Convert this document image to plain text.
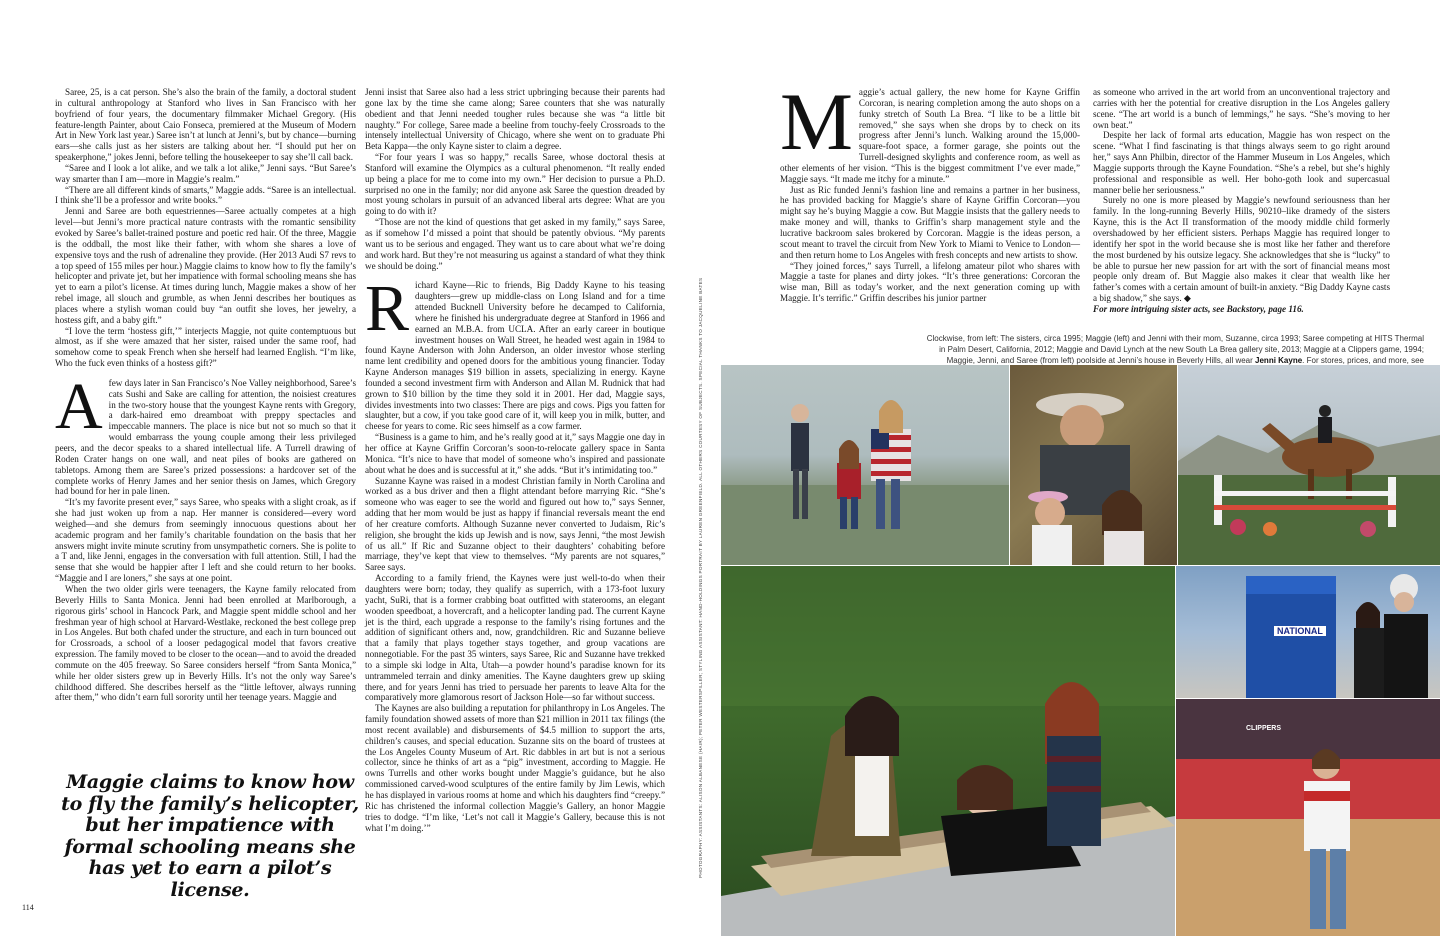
Saree, 25, is a cat person. She’s also the brain of the family, a doctoral student in cultural anthropology at Stanford who lives in San Francisco with her boyfriend of four years, the documentary filmmaker Michael Gregory. (His feature-length Painter, about Caio Fonseca, premiered at the Museum of Modern Art in New York last year.) Saree isn’t at lunch at Jenni’s, but by chance—burning ears—she calls just as her sisters are talking about her. “I should put her on speakerphone,” jokes Jenni, before telling the housekeeper to say she’ll call back.

“Saree and I look a lot alike, and we talk a lot alike,” Jenni says. “But Saree’s way smarter than I am—more in Maggie’s realm.”

“There are all different kinds of smarts,” Maggie adds. “Saree is an intellectual. I think she’ll be a professor and write books.”

Jenni and Saree are both equestriennes—Saree actually competes at a high level—but Jenni’s more practical nature contrasts with the romantic sensibility evoked by Saree’s ballet-trained posture and poetic red hair. Of the three, Maggie is the oddball, the most like their father, with whom she shares a love of expensive toys and the rush of adrenaline they provide. (Her 2013 Audi S7 revs to a top speed of 155 miles per hour.) Maggie claims to know how to fly the family’s helicopter and private jet, but her impatience with formal schooling means she has yet to earn a pilot’s license. At times during lunch, Maggie makes a show of her rebel image, all slouch and grumble, as when Jenni describes her boutiques as places where a stylish woman could buy “an outfit she loves, her jewelry, a hostess gift, and a baby gift.”

“I love the term ‘hostess gift,’” interjects Maggie, not quite contemptuous but almost, as if she were amazed that her sister, raised under the same roof, had somehow come to speak French when she herself had learned English. “I’m like, Who the fuck even thinks of a hostess gift?”

Afew days later in San Francisco’s Noe Valley neighborhood, Saree’s cats Sushi and Sake are calling for attention, the noisiest creatures in the two-story house that the youngest Kayne rents with Gregory, a dark-haired emo dreamboat with preppy spectacles and impeccable manners. The place is nice but not so much so that it would embarrass the young couple among their less privileged peers, and the decor speaks to a shared intellectual life. A Turrell drawing of Roden Crater hangs on one wall, and neat piles of books are gathered on tabletops. Among them are Saree’s prized possessions: a hardcover set of the complete works of Henry James and her senior thesis on James, which Gregory had bound for her in pale linen.

“It’s my favorite present ever,” says Saree, who speaks with a slight croak, as if she had just woken up from a nap. Her manner is considered—every word weighed—and she demurs from seemingly innocuous questions about her academic program and her family’s charitable foundation on the basis that her answers might invite minute scrutiny from unsympathetic corners. She is polite to a T and, like Jenni, engages in the conversation with full attention. Still, I had the sense that she would be happier after I left and she could return to her books. “Maggie and I are loners,” she says at one point.

When the two older girls were teenagers, the Kayne family relocated from Beverly Hills to Santa Monica. Jenni had been enrolled at Marlborough, a rigorous girls’ school in Hancock Park, and Maggie spent middle school and her freshman year of high school at Harvard-Westlake, reckoned the best college prep in Los Angeles. But both chafed under the structure, and each in turn bounced out for Crossroads, a school of a looser pedagogical model that favors creative expression. The family moved to be closer to the ocean—and to avoid the dreaded commute on the 405 freeway. So Saree considers herself “from Santa Monica,” while her older sisters grew up in Beverly Hills. It’s not the only way Saree’s childhood differed. She describes herself as the “little leftover, always running after them,” who didn’t earn full sorority until her teenage years. Maggie and

Maggie claims to know how to fly the family’s helicopter, but her impatience with formal schooling means she has yet to earn a pilot’s license.
114

Jenni insist that Saree also had a less strict upbringing because their parents had gone lax by the time she came along; Saree counters that she was naturally obedient and that Jenni needed tougher rules because she was “a little bit naughty.” For college, Saree made a beeline from touchy-feely Crossroads to the intensely intellectual University of Chicago, where she went on to graduate Phi Beta Kappa—the only Kayne sister to claim a degree.

“For four years I was so happy,” recalls Saree, whose doctoral thesis at Stanford will examine the Olympics as a cultural phenomenon. “It really ended up being a place for me to come into my own.” Her decision to pursue a Ph.D. surprised no one in the family; nor did anyone ask Saree the question dreaded by most young scholars in pursuit of an advanced liberal arts degree: What are you going to do with it?

“Those are not the kind of questions that get asked in my family,” says Saree, as if somehow I’d missed a point that should be patently obvious. “My parents want us to be serious and engaged. They want us to care about what we’re doing and work hard. But they’re not measuring us against a standard of what they think we should be doing.”

Richard Kayne—Ric to friends, Big Daddy Kayne to his teasing daughters—grew up middle-class on Long Island and for a time attended Bucknell University before he decamped to California, where he finished his undergraduate degree at Stanford in 1966 and earned an M.B.A. from UCLA. After an early career in boutique investment houses on Wall Street, he headed west again in 1984 to found Kayne Anderson with John Anderson, an older investor whose sterling name lent credibility and opened doors for the ambitious young financier. Today Kayne Anderson manages $19 billion in assets, specializing in energy. Kayne founded a second investment firm with Anderson and Allan M. Rudnick that had grown to $10 billion by the time they sold it in 2001. Her dad, Maggie says, divides investments into two classes: There are pigs and cows. Pigs you fatten for slaughter, but a cow, if you take good care of it, will keep you in milk, butter, and cheese for years to come. Ric sees himself as a cow farmer.

“Business is a game to him, and he’s really good at it,” says Maggie one day in her office at Kayne Griffin Corcoran’s soon-to-relocate gallery space in Santa Monica. “It’s nice to have that model of someone who’s inspired and passionate about what he does and is successful at it,” she adds. “But it’s intimidating too.”

Suzanne Kayne was raised in a modest Christian family in North Carolina and worked as a bus driver and then a flight attendant before marrying Ric. “She’s someone who was eager to see the world and figured out how to,” says Senner, adding that her mom would be just as happy if financial reversals meant the end of her creature comforts. Although Suzanne never converted to Judaism, Ric’s religion, she brought the kids up Jewish and is now, says Jenni, “the most Jewish of us all.” If Ric and Suzanne object to their daughters’ cohabiting before marriage, they’ve kept that view to themselves. “My parents are not squares,” Saree says.

According to a family friend, the Kaynes were just well-to-do when their daughters were born; today, they qualify as superrich, with a 173-foot luxury yacht, SuRi, that is a former crabbing boat outfitted with staterooms, an elegant wooden speedboat, a hovercraft, and a helicopter landing pad. The current Kayne jet is the third, each upgrade a response to the family’s rising fortunes and the addition of significant others and, now, grandchildren. Ric and Suzanne believe that a family that plays together stays together, and group vacations are nonnegotiable. For the past 35 winters, says Saree, Ric and Suzanne have trekked to a simple ski lodge in Alta, Utah—a powder hound’s paradise known for its untrammeled terrain and dinky amenities. The Kayne daughters grew up skiing there, and for years Jenni has tried to persuade her parents to leave Alta for the comparatively more glamorous resort of Jackson Hole—so far without success.

The Kaynes are also building a reputation for philanthropy in Los Angeles. The family foundation showed assets of more than $21 million in 2011 tax filings (the most recent available) and disbursements of $4.5 million to support the arts, children’s causes, and special education. Suzanne sits on the board of trustees at the Los Angeles County Museum of Art. Ric dabbles in art but is not a serious collector, since he thinks of art as a “pig” investment, according to Maggie. He owns Turrells and other works bought under Maggie’s guidance, but he also commissioned carved-wood sculptures of the entire family by Jim Lewis, which he has displayed in various rooms at home and which his daughters find “creepy.” Ric has christened the informal collection Maggie’s Gallery, an honor Maggie tries to dodge. “I’m like, ‘Let’s not call it Maggie’s Gallery, because this is not what I’m doing.’”	PHOTOGRAPHY: ASSISTANTS: ALISON ALBANESE (HAIR); PETER WESTERSPILLER; STYLING ASSISTANT: HAND-HOLDINGS PORTRAIT BY LAUREN GREENFIELD. ALL OTHERS COURTESY OF SUBJECTS. SPECIAL THANKS TO JACQUELINE BATES

Maggie’s actual gallery, the new home for Kayne Griffin Corcoran, is nearing completion among the auto shops on a funky stretch of South La Brea. “I like to be a little bit removed,” she says when she drops by to check on its progress after Jenni’s lunch. Walking around the 15,000-square-foot space, a former garage, she points out the Turrell-designed skylights and conference room, as well as other elements of her vision. “This is the biggest commitment I’ve ever made,” Maggie says. “It made me itchy for a minute.”

Just as Ric funded Jenni’s fashion line and remains a partner in her business, he has provided backing for Maggie’s share of Kayne Griffin Corcoran—you might say he’s buying Maggie a cow. But Maggie insists that the gallery needs to make money and will, thanks to Griffin’s sharp management style and the lucrative backroom sales brokered by Corcoran. Maggie is the ideas person, a scout meant to travel the circuit from New York to Miami to Venice to London—and then return home to Los Angeles with fresh concepts and new artists to show.

“They joined forces,” says Turrell, a lifelong amateur pilot who shares with Maggie a taste for planes and dirty jokes. “It’s three generations: Corcoran the wise man, Bill as today’s worker, and the next generation coming up with Maggie. It’s terrific.” Griffin describes his junior partner

as someone who arrived in the art world from an unconventional trajectory and carries with her the potential for creative disruption in the Los Angeles gallery scene. “The art world is a bunch of lemmings,” he says. “She’s moving to her own beat.”

Despite her lack of formal arts education, Maggie has won respect on the scene. “What I find fascinating is that things always seem to go right around her,” says Ann Philbin, director of the Hammer Museum in Los Angeles, which Maggie supports through the Kayne Foundation. “She’s a rebel, but she’s highly professional and responsible as well. Her boho-goth look and supercasual manner belie her seriousness.”

Surely no one is more pleased by Maggie’s newfound seriousness than her family. In the long-running Beverly Hills, 90210–like dramedy of the sisters Kayne, this is the Act II transformation of the moody middle child formerly overshadowed by her efficient sisters. Perhaps Maggie has required longer to identify her spot in the world because she is most like her father and therefore the most burdened by his outsize legacy. She acknowledges that she is “lucky” to be able to pursue her new passion for art with the sort of financial means most people only dream of. But Maggie also makes it clear that wealth like her father’s comes with a certain amount of built-in anxiety. “Big Daddy Kayne casts a big shadow,” she says. ◆

For more intriguing sister acts, see Backstory, page 116.

Clockwise, from left: The sisters, circa 1995; Maggie (left) and Jenni with their mom, Suzanne, circa 1993; Saree competing at HITS Thermal in Palm Desert, California, 2012; Maggie and David Lynch at the new South La Brea gallery site, 2013; Maggie at a Clippers game, 1994; Maggie, Jenni, and Saree (from left) poolside at Jenni’s house in Beverly Hills, all wear Jenni Kayne. For stores, prices, and more, see
NATIONAL
CLIPPERS
